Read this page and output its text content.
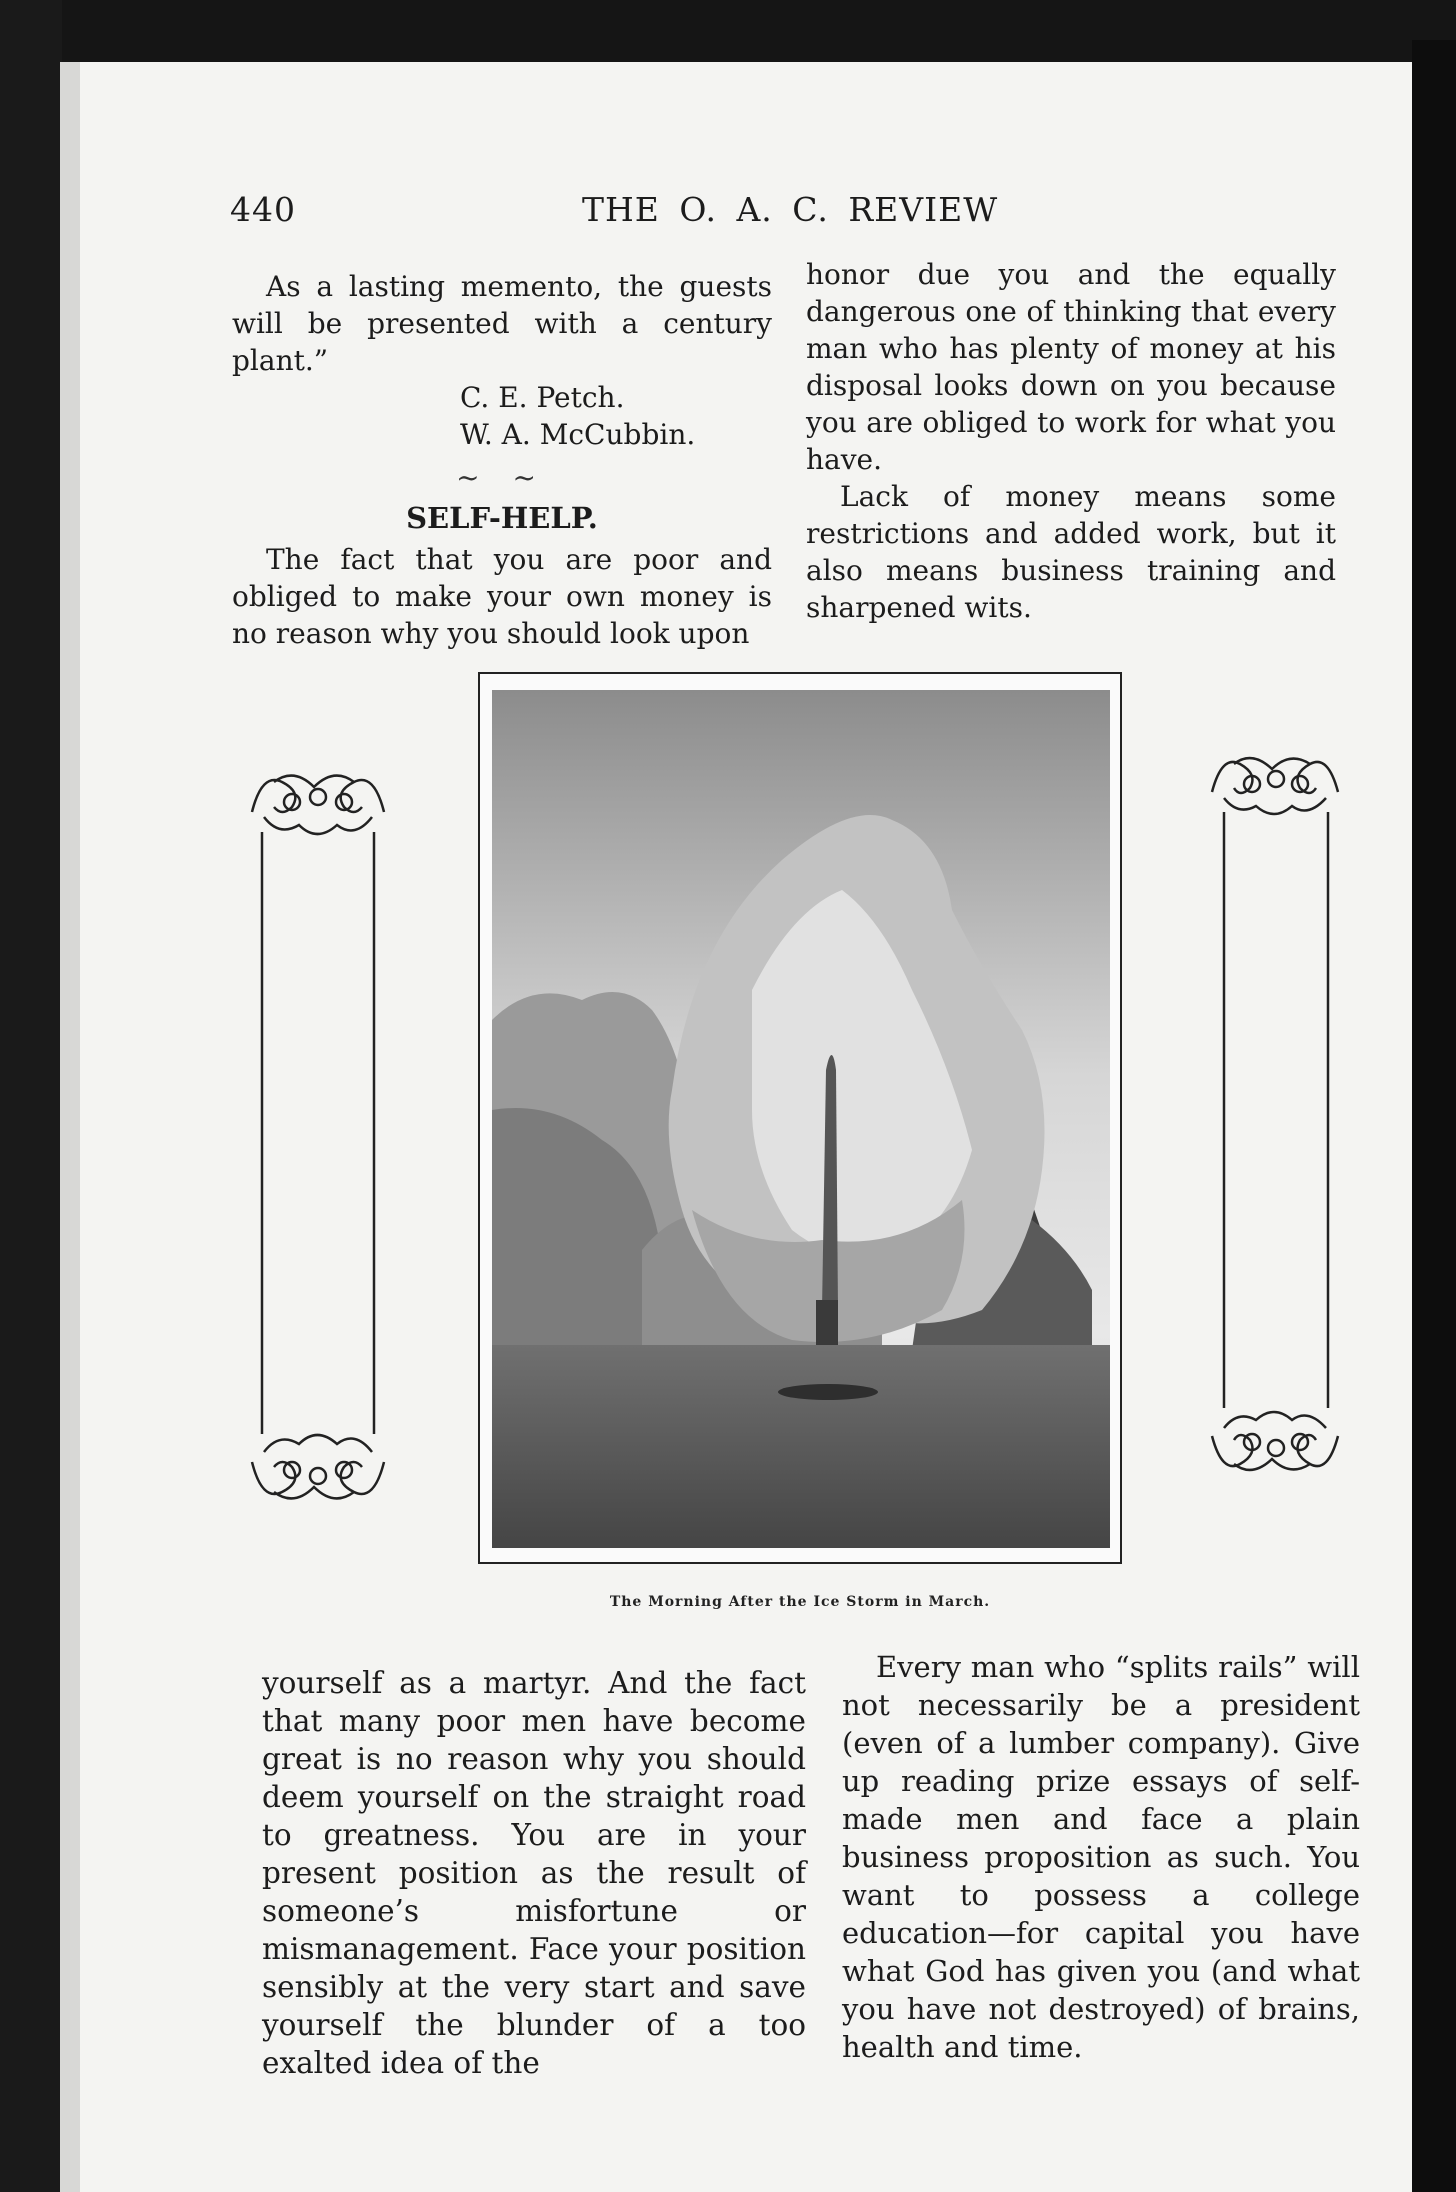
440	THE O. A. C. REVIEW

As a lasting memento, the guests will be presented with a century plant.”

C. E. Petch.
W. A. McCubbin.
~ ~
SELF-HELP.

The fact that you are poor and obliged to make your own money is no reason why you should look upon

honor due you and the equally dangerous one of thinking that every man who has plenty of money at his disposal looks down on you because you are obliged to work for what you have.

Lack of money means some restrictions and added work, but it also means business training and sharpened wits.

The Morning After the Ice Storm in March.

yourself as a martyr. And the fact that many poor men have become great is no reason why you should deem yourself on the straight road to greatness. You are in your present position as the result of someone’s misfortune or mismanagement. Face your position sensibly at the very start and save yourself the blunder of a too exalted idea of the

Every man who “splits rails” will not necessarily be a president (even of a lumber company). Give up reading prize essays of self-made men and face a plain business proposition as such. You want to possess a college education—for capital you have what God has given you (and what you have not destroyed) of brains, health and time.
